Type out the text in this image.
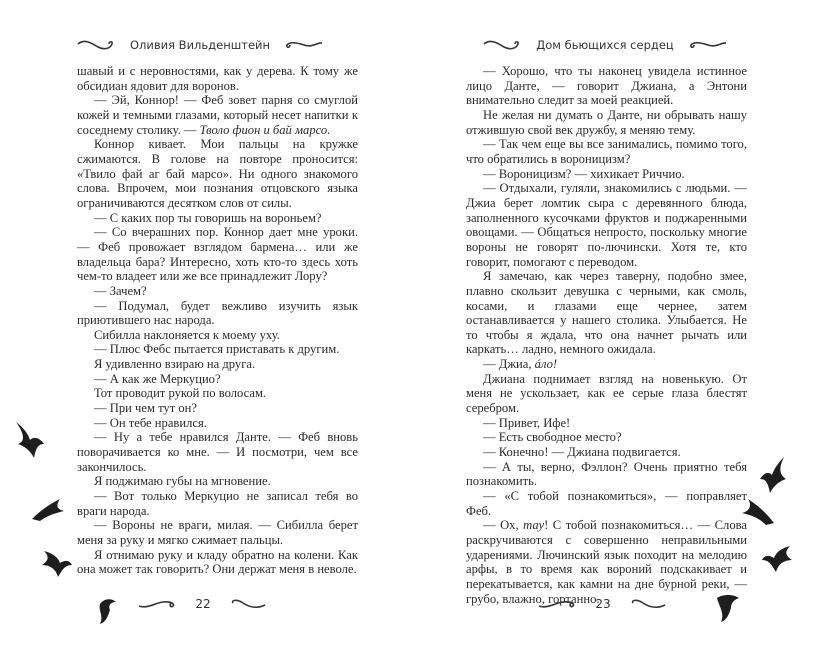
Оливия Вильденштейн

шавый и с неровностями, как у дерева. К тому же обсидиан ядовит для воронов.

— Эй, Коннор! — Феб зовет парня со смуглой кожей и темными глазами, который несет напитки к соседнему столику. — Тволо фион и бай марсо.

Коннор кивает. Мои пальцы на кружке сжимаются. В голове на повторе проносится: «Твило фай аг бай марсо». Ни одного знакомого слова. Впрочем, мои познания отцовского языка ограничиваются десятком слов от силы.

— С каких пор ты говоришь на вороньем?

— Со вчерашних пор. Коннор дает мне уроки. — Феб провожает взглядом бармена… или же владельца бара? Интересно, хоть кто-то здесь хоть чем-то владеет или же все принадлежит Лору?

— Зачем?

— Подумал, будет вежливо изучить язык приютившего нас народа.

Сибилла наклоняется к моему уху.

— Плюс Фебс пытается приставать к другим.

Я удивленно взираю на друга.

— А как же Меркуцио?

Тот проводит рукой по волосам.

— При чем тут он?

— Он тебе нравился.

— Ну а тебе нравился Данте. — Феб вновь поворачивается ко мне. — И посмотри, чем все закончилось.

Я поджимаю губы на мгновение.

— Вот только Меркуцио не записал тебя во враги народа.

— Вороны не враги, милая. — Сибилла берет меня за руку и мягко сжимает пальцы.

Я отнимаю руку и кладу обратно на колени. Как она может так говорить? Они держат меня в неволе.

22
Дом бьющихся сердец

— Хорошо, что ты наконец увидела истинное лицо Данте, — говорит Джиана, а Энтони внимательно следит за моей реакцией.

Не желая ни думать о Данте, ни обрывать нашу отжившую свой век дружбу, я меняю тему.

— Так чем еще вы все занимались, помимо того, что обратились в вороницизм?

— Вороницизм? — хихикает Риччио.

— Отдыхали, гуляли, знакомились с людьми. — Джиа берет ломтик сыра с деревянного блюда, заполненного кусочками фруктов и поджаренными овощами. — Общаться непросто, поскольку многие вороны не говорят по-лючински. Хотя те, кто говорит, помогают с переводом.

Я замечаю, как через таверну, подобно змее, плавно скользит девушка с черными, как смоль, косами, и глазами еще чернее, затем останавливается у нашего столика. Улыбается. Не то чтобы я ждала, что она начнет рычать или каркать… ладно, немного ожидала.

— Джиа, áло!

Джиана поднимает взгляд на новенькую. От меня не ускользает, как ее серые глаза блестят серебром.

— Привет, Ифе!

— Есть свободное место?

— Конечно! — Джиана подвигается.

— А ты, верно, Фэллон? Очень приятно тебя познакомить.

— «С тобой познакомиться», — поправляет Феб.

— Ох, тау! С тобой познакомиться… — Слова раскручиваются с совершенно неправильными ударениями. Лючинский язык походит на мелодию арфы, в то время как вороний подскакивает и перекатывается, как камни на дне бурной реки, — грубо, влажно, гортанно.

23
